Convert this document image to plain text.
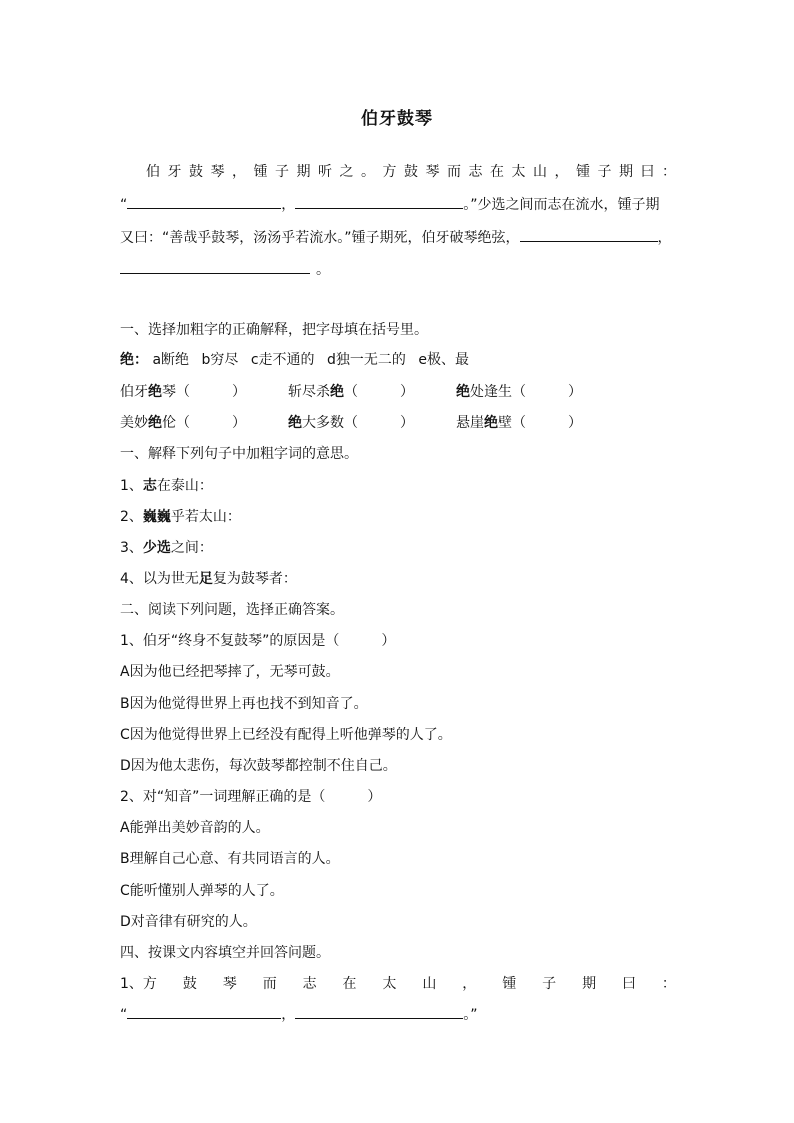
伯牙鼓琴
伯 牙 鼓 琴 ， 锺 子 期 听 之 。 方 鼓 琴 而 志 在 太 山 ， 锺 子 期 曰 ：
“	，	。”少选之间而志在流水，锺子期
又曰：“善哉乎鼓琴，汤汤乎若流水。”锺子期死，伯牙破琴绝弦，	，
。
一、选择加粗字的正确解释，把字母填在括号里。
绝： a断绝 b穷尽 c走不通的 d独一无二的 e极、最
伯牙绝琴（　　　）	斩尽杀绝（　　　）	绝处逢生（　　　）
美妙绝伦（　　　）	绝大多数（　　　）	悬崖绝壁（　　　）
一、解释下列句子中加粗字词的意思。
1、志在泰山：
2、巍巍乎若太山：
3、少选之间：
4、以为世无足复为鼓琴者：
二、阅读下列问题，选择正确答案。
1、伯牙“终身不复鼓琴”的原因是（　　　）
A因为他已经把琴摔了，无琴可鼓。
B因为他觉得世界上再也找不到知音了。
C因为他觉得世界上已经没有配得上听他弹琴的人了。
D因为他太悲伤，每次鼓琴都控制不住自己。
2、对“知音”一词理解正确的是（　　　）
A能弹出美妙音韵的人。
B理解自己心意、有共同语言的人。
C能听懂别人弹琴的人了。
D对音律有研究的人。
四、按课文内容填空并回答问题。
1、方 鼓 琴 而 志 在 太 山 ， 锺 子 期 曰 ：
“	，	。”
